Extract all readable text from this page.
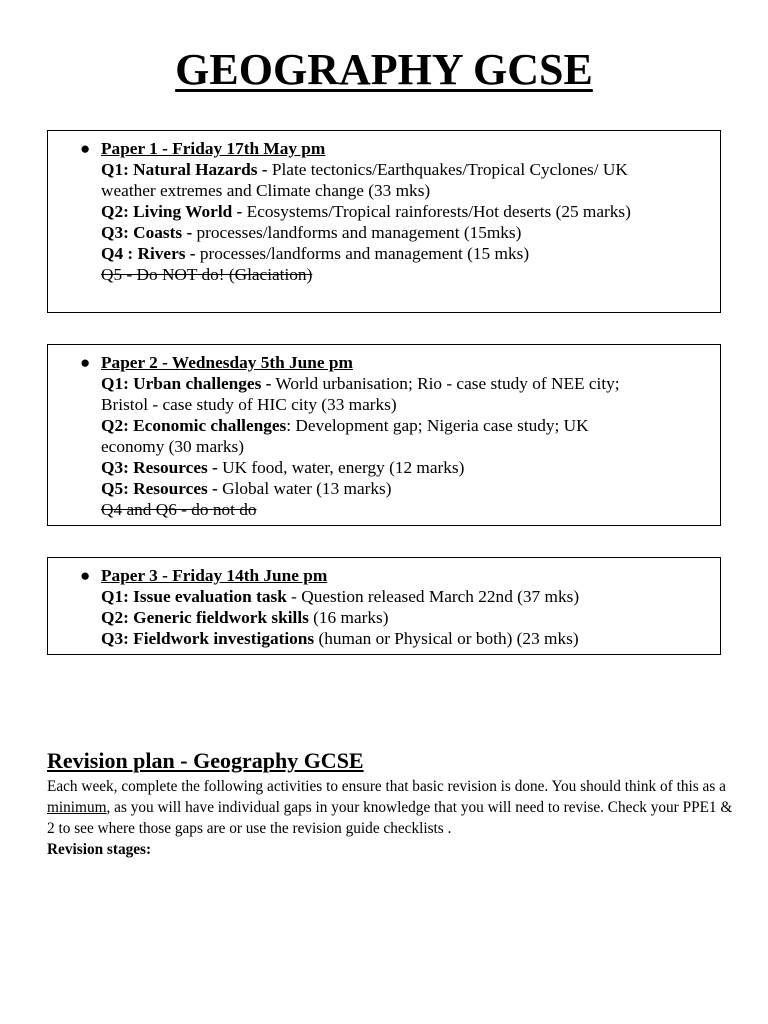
GEOGRAPHY GCSE
● Paper 1 - Friday 17th May pm
Q1: Natural Hazards - Plate tectonics/Earthquakes/Tropical Cyclones/ UK
weather extremes and Climate change (33 mks)
Q2: Living World - Ecosystems/Tropical rainforests/Hot deserts (25 marks)
Q3: Coasts - processes/landforms and management (15mks)
Q4 : Rivers - processes/landforms and management (15 mks)
Q5 - Do NOT do! (Glaciation)
● Paper 2 - Wednesday 5th June pm
Q1: Urban challenges - World urbanisation; Rio - case study of NEE city;
Bristol - case study of HIC city (33 marks)
Q2: Economic challenges: Development gap; Nigeria case study; UK
economy (30 marks)
Q3: Resources - UK food, water, energy (12 marks)
Q5: Resources - Global water (13 marks)
Q4 and Q6 - do not do
● Paper 3 - Friday 14th June pm
Q1: Issue evaluation task - Question released March 22nd (37 mks)
Q2: Generic fieldwork skills (16 marks)
Q3: Fieldwork investigations (human or Physical or both) (23 mks)
Revision plan - Geography GCSE

Each week, complete the following activities to ensure that basic revision is done. You should think of this as a minimum, as you will have individual gaps in your knowledge that you will need to revise. Check your PPE1 & 2 to see where those gaps are or use the revision guide checklists .

Revision stages:
